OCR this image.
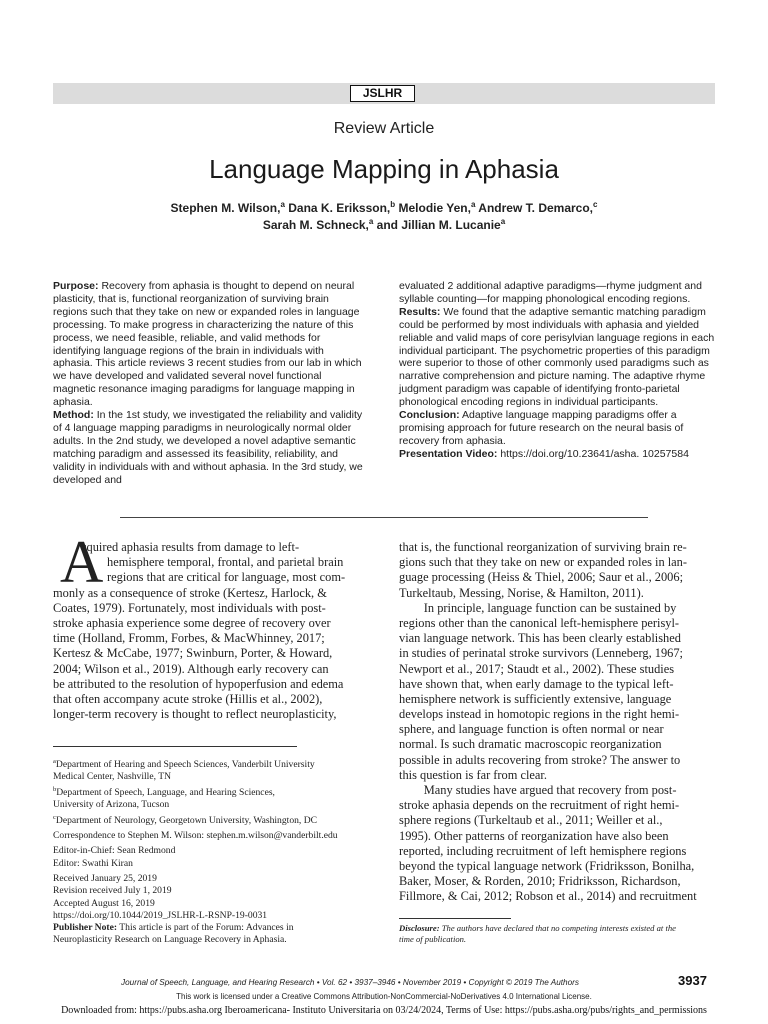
JSLHR
Review Article
Language Mapping in Aphasia
Stephen M. Wilson,$^a$ Dana K. Eriksson,$^b$ Melodie Yen,$^a$ Andrew T. Demarco,$^c$
Sarah M. Schneck,$^a$ and Jillian M. Lucanie$^a$

Purpose: Recovery from aphasia is thought to depend on neural plasticity, that is, functional reorganization of surviving brain regions such that they take on new or expanded roles in language processing. To make progress in characterizing the nature of this process, we need feasible, reliable, and valid methods for identifying language regions of the brain in individuals with aphasia. This article reviews 3 recent studies from our lab in which we have developed and validated several novel functional magnetic resonance imaging paradigms for language mapping in aphasia.

Method: In the 1st study, we investigated the reliability and validity of 4 language mapping paradigms in neurologically normal older adults. In the 2nd study, we developed a novel adaptive semantic matching paradigm and assessed its feasibility, reliability, and validity in individuals with and without aphasia. In the 3rd study, we developed and

evaluated 2 additional adaptive paradigms—rhyme judgment and syllable counting—for mapping phonological encoding regions.

Results: We found that the adaptive semantic matching paradigm could be performed by most individuals with aphasia and yielded reliable and valid maps of core perisylvian language regions in each individual participant. The psychometric properties of this paradigm were superior to those of other commonly used paradigms such as narrative comprehension and picture naming. The adaptive rhyme judgment paradigm was capable of identifying fronto-parietal phonological encoding regions in individual participants.

Conclusion: Adaptive language mapping paradigms offer a promising approach for future research on the neural basis of recovery from aphasia.

Presentation Video: https://doi.org/10.23641/asha. 10257584

A
cquired aphasia results from damage to left-
hemisphere temporal, frontal, and parietal brain
regions that are critical for language, most com-
monly as a consequence of stroke (Kertesz, Harlock, &
Coates, 1979). Fortunately, most individuals with post-
stroke aphasia experience some degree of recovery over
time (Holland, Fromm, Forbes, & MacWhinney, 2017;
Kertesz & McCabe, 1977; Swinburn, Porter, & Howard,
2004; Wilson et al., 2019). Although early recovery can
be attributed to the resolution of hypoperfusion and edema
that often accompany acute stroke (Hillis et al., 2002),
longer-term recovery is thought to reflect neuroplasticity,
that is, the functional reorganization of surviving brain re-
gions such that they take on new or expanded roles in lan-
guage processing (Heiss & Thiel, 2006; Saur et al., 2006;
Turkeltaub, Messing, Norise, & Hamilton, 2011).
  In principle, language function can be sustained by
regions other than the canonical left-hemisphere perisyl-
vian language network. This has been clearly established
in studies of perinatal stroke survivors (Lenneberg, 1967;
Newport et al., 2017; Staudt et al., 2002). These studies
have shown that, when early damage to the typical left-
hemisphere network is sufficiently extensive, language
develops instead in homotopic regions in the right hemi-
sphere, and language function is often normal or near
normal. Is such dramatic macroscopic reorganization
possible in adults recovering from stroke? The answer to
this question is far from clear.
  Many studies have argued that recovery from post-
stroke aphasia depends on the recruitment of right hemi-
sphere regions (Turkeltaub et al., 2011; Weiller et al.,
1995). Other patterns of reorganization have also been
reported, including recruitment of left hemisphere regions
beyond the typical language network (Fridriksson, Bonilha,
Baker, Moser, & Rorden, 2010; Fridriksson, Richardson,
Fillmore, & Cai, 2012; Robson et al., 2014) and recruitment
$^a$Department of Hearing and Speech Sciences, Vanderbilt University
Medical Center, Nashville, TN
$^b$Department of Speech, Language, and Hearing Sciences,
University of Arizona, Tucson
$^c$Department of Neurology, Georgetown University, Washington, DC
Correspondence to Stephen M. Wilson: stephen.m.wilson@vanderbilt.edu
Editor-in-Chief: Sean Redmond
Editor: Swathi Kiran
Received January 25, 2019
Revision received July 1, 2019
Accepted August 16, 2019
https://doi.org/10.1044/2019_JSLHR-L-RSNP-19-0031
Publisher Note: This article is part of the Forum: Advances in
Neuroplasticity Research on Language Recovery in Aphasia.
Disclosure: The authors have declared that no competing interests existed at the
time of publication.
Journal of Speech, Language, and Hearing Research • Vol. 62 • 3937–3946 • November 2019 • Copyright © 2019 The Authors	3937
This work is licensed under a Creative Commons Attribution-NonCommercial-NoDerivatives 4.0 International License.
Downloaded from: https://pubs.asha.org Iberoamericana- Instituto Universitaria on 03/24/2024, Terms of Use: https://pubs.asha.org/pubs/rights_and_permissions
